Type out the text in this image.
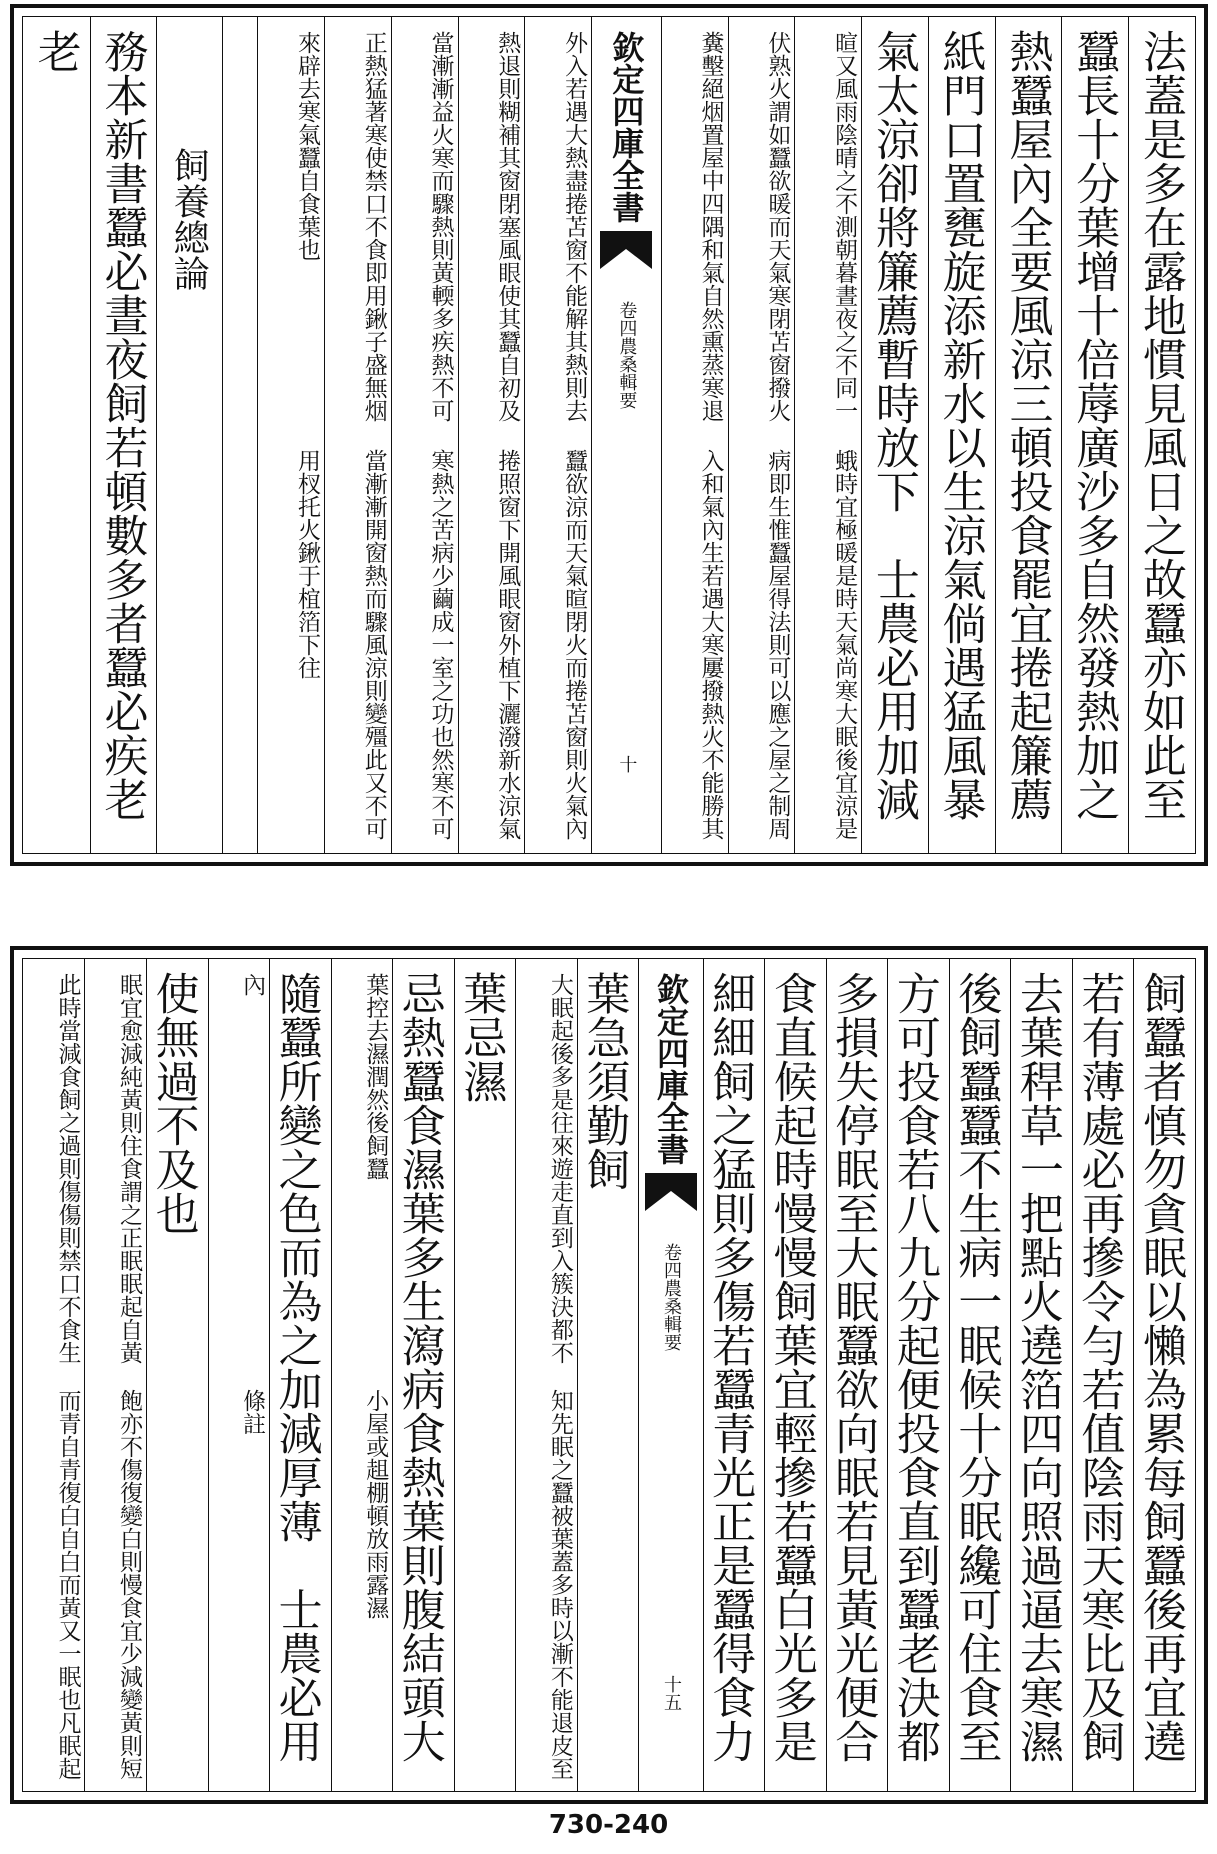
法蓋是多在露地慣見風日之故蠶亦如此至
蠶長十分葉增十倍蓐廣沙多自然發熱加之
熱蠶屋內全要風涼三頓投食罷宜捲起簾薦
紙門口置甕旋添新水以生涼氣倘遇猛風暴
氣太涼卻將簾薦暫時放下　士農必用加減
蛾時宜極暖是時天氣尚寒大眠後宜涼是
暄又風雨陰晴之不測朝暮晝夜之不同一
病即生惟蠶屋得法則可以應之屋之制周
伏熟火謂如蠶欲暖而天氣寒閉苫窗撥火
入和氣內生若遇大寒屢撥熱火不能勝其
糞墼絕烟置屋中四隅和氣自然熏蒸寒退
欽定四庫全書
農桑輯要
卷四
十
蠶欲涼而天氣暄閉火而捲苫窗則火氣內
外入若遇大熱盡捲苫窗不能解其熱則去
捲照窗下開風眼窗外植下灑潑新水涼氣
熱退則糊補其窗閉塞風眼使其蠶自初及
寒熱之苦病少繭成一室之功也然寒不可
當漸漸益火寒而驟熱則黃輭多疾熱不可
當漸漸開窗熱而驟風涼則變殭此又不可
正熱猛著寒使禁口不食即用鍬子盛無烟
用杈托火鍬于椬箔下往
來辟去寒氣蠶自食葉也
飼養總論
務本新書蠶必晝夜飼若頓數多者蠶必疾老
老
飼蠶者慎勿貪眠以懶為累每飼蠶後再宜遶
若有薄處必再摻令勻若值陰雨天寒比及飼
去葉稈草一把點火遶箔四向照過逼去寒濕
後飼蠶蠶不生病一眠候十分眠纔可住食至
方可投食若八九分起便投食直到蠶老決都
多損失停眠至大眠蠶欲向眠若見黃光便合
食直候起時慢慢飼葉宜輕摻若蠶白光多是
細細飼之猛則多傷若蠶青光正是蠶得食力
欽定四庫全書
農桑輯要
卷四
十五
葉急須勤飼
知先眠之蠶被葉蓋多時以漸不能退皮至
大眠起後多是往來遊走直到入簇決都不
葉忌濕
忌熱蠶食濕葉多生瀉病食熱葉則腹結頭大
小屋或趄棚頓放雨露濕
葉控去濕潤然後飼蠶
隨蠶所變之色而為之加減厚薄　士農必用
條註
內
使無過不及也
飽亦不傷復變白則慢食宜少減變黃則短
眠宜愈減純黃則住食謂之正眠眠起自黃
而青自青復白自白而黃又一眠也凡眠起
此時當減食飼之過則傷傷則禁口不食生
730-240
